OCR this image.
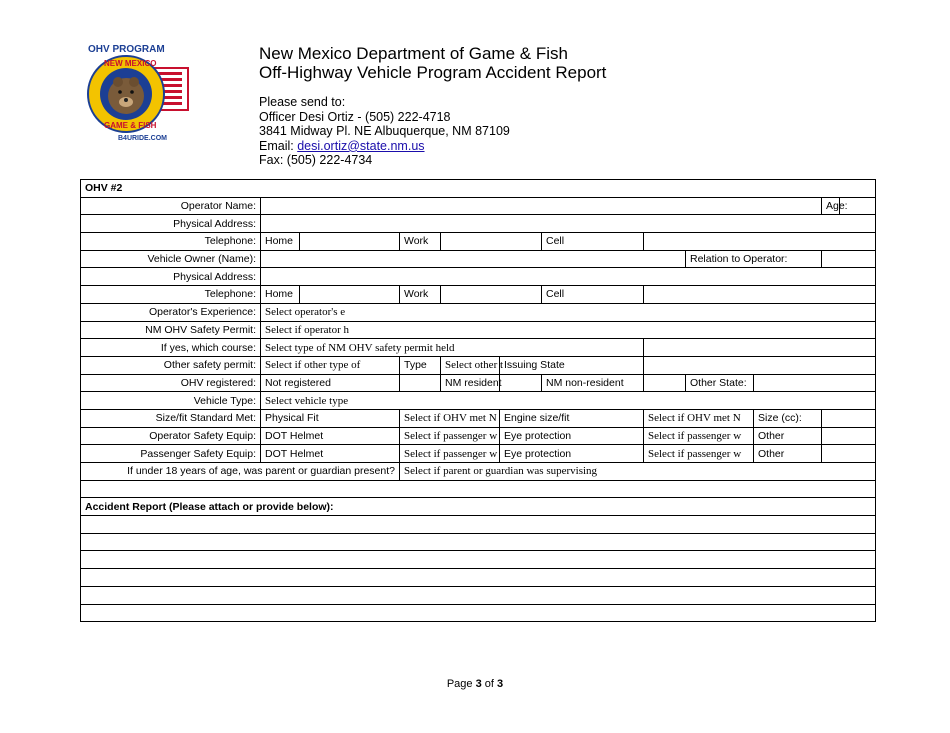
OHV PROGRAM
NEW MEXICO
GAME & FISH
B4URIDE.COM
New Mexico Department of Game & Fish
Off-Highway Vehicle Program Accident Report
Please send to:
Officer Desi Ortiz - (505) 222-4718
3841 Midway Pl. NE Albuquerque, NM 87109
Email: desi.ortiz@state.nm.us
Fax: (505) 222-4734
OHV #2											
Operator Name:										Age:	
Physical Address:											
Telephone:	Home		Work			Cell					
Vehicle Owner (Name):								Relation to Operator:			
Physical Address:											
Telephone:	Home		Work			Cell					
Operator's Experience:	Select operator's e										
NM OHV Safety Permit:	Select if operator h										
If yes, which course:	Select type of NM OHV safety permit held										
Other safety permit:	Select if other type of		Type	Select other t	Issuing State						
OHV registered:	Not registered			NM resident		NM non-resident		Other State:			
Vehicle Type:	Select vehicle type										
Size/fit Standard Met:	Physical Fit		Select if OHV met N		Engine size/fit		Select if OHV met N		Size (cc):		
Operator Safety Equip:	DOT Helmet		Select if passenger w		Eye protection		Select if passenger w		Other		
Passenger Safety Equip:	DOT Helmet		Select if passenger w		Eye protection		Select if passenger w		Other		
If under 18 years of age, was parent or guardian present?			Select if parent or guardian was supervising								

Accident Report (Please attach or provide below):											

Page 3 of 3
